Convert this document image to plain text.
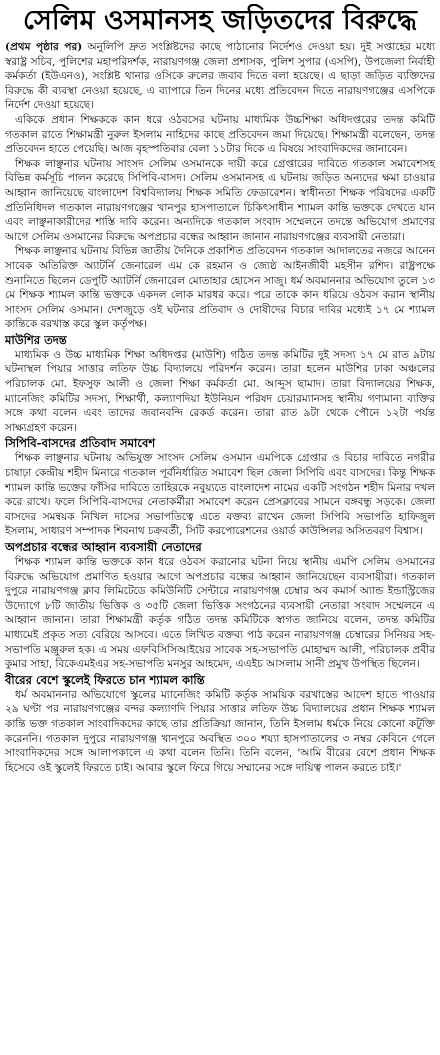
সেলিম ওসমানসহ জড়িতদের বিরুদ্ধে

(প্রথম পৃষ্ঠার পর) অনুলিপি দ্রুত সংশ্লিষ্টদের কাছে পাঠানোর নির্দেশও দেওয়া হয়। দুই সপ্তাহের মধ্যে স্বরাষ্ট্র সচিব, পুলিশের মহাপরিদর্শক, নারায়ণগঞ্জ জেলা প্রশাসক, পুলিশ সুপার (এসপি), উপজেলা নির্বাহী কর্মকর্তা (ইউএনও), সংশ্লিষ্ট থানার ওসিকে রুলের জবাব দিতে বলা হয়েছে। এ ছাড়া জড়িত ব্যক্তিদের বিরুদ্ধে কী ব্যবস্থা নেওয়া হয়েছে, এ ব্যাপারে তিন দিনের মধ্যে প্রতিবেদন দিতে নারায়ণগঞ্জের এসপিকে নির্দেশ দেওয়া হয়েছে।

একিকে প্রধান শিক্ষককে কান ধরে ওঠবসের ঘটনায় মাধ্যমিক উচ্চশিক্ষা অধিদপ্তরের তদন্ত কমিটি গতকাল রাতে শিক্ষামন্ত্রী নুরুল ইসলাম নাহিদের কাছে প্রতিবেদন জমা দিয়েছে। শিক্ষামন্ত্রী বলেছেন, তদন্ত প্রতিবেদন হাতে পেয়েছি। আজ বৃহস্পতিবার বেলা ১১টার দিকে এ বিষয়ে সাংবাদিকদের জানাবেন।

শিক্ষক লাঞ্ছনার ঘটনায় সাংসদ সেলিম ওসমানকে দায়ী করে গ্রেপ্তারের দাবিতে গতকাল সমাবেশসহ বিভিন্ন কর্মসূচি পালন করেছে সিপিবি-বাসদ। সেলিম ওসমানসহ এ ঘটনায় জড়িত অন্যদের ক্ষমা চাওয়ার আহ্বান জানিয়েছে বাংলাদেশ বিশ্ববিদ্যালয় শিক্ষক সমিতি ফেডারেশন। স্বাধীনতা শিক্ষক পরিষদের একটি প্রতিনিধিদল গতকাল নারায়ণগঞ্জের খানপুর হাসপাতালে চিকিৎসাধীন শ্যামল কান্তি ভক্তকে দেখতে যান এবং লাঞ্ছনাকারীদের শাস্তি দাবি করেন। অন্যদিকে গতকাল সংবাদ সম্মেলনে তদন্তে অভিযোগ প্রমাণের আগে সেলিম ওসমানের বিরুদ্ধে অপপ্রচার বন্ধের আহ্বান জানান নারায়ণগঞ্জের ব্যবসায়ী নেতারা।

শিক্ষক লাঞ্ছনার ঘটনায় বিভিন্ন জাতীয় দৈনিকে প্রকাশিত প্রতিবেদন গতকাল আদালতের নজরে আনেন সাবেক অতিরিক্ত অ্যাটর্নি জেনারেল এম কে রহমান ও জ্যেষ্ঠ আইনজীবী মহসীন রশিদ। রাষ্ট্রপক্ষে শুনানিতে ছিলেন ডেপুটি অ্যাটর্নি জেনারেল মোতাহার হোসেন সাজু। ধর্ম অবমাননার অভিযোগ তুলে ১৩ মে শিক্ষক শ্যামল কান্তি ভক্তকে একদল লোক মারধর করে। পরে তাকে কান ধরিয়ে ওঠবস করান স্থানীয় সাংসদ সেলিম ওসমান। দেশজুড়ে ওই ঘটনার প্রতিবাদ ও দোষীদের বিচার দাবির মধ্যেই ১৭ মে শ্যামল কান্তিকে বরখাস্ত করে স্কুল কর্তৃপক্ষ।

মাউশির তদন্ত

মাধ্যমিক ও উচ্চ মাধ্যমিক শিক্ষা অধিদপ্তর (মাউশি) গঠিত তদন্ত কমিটির দুই সদস্য ১৭ মে রাত ৯টায় ঘটনাস্থল পিয়ার সাত্তার লতিফ উচ্চ বিদ্যালয়ে পরিদর্শন করেন। তারা হলেন মাউশির ঢাকা অঞ্চলের পরিচালক মো. ইফসুফ আলী ও জেলা শিক্ষা কর্মকর্তা মো. আব্দুস ছামাদ। তারা বিদ্যালয়ের শিক্ষক, ম্যানেজিং কমিটির সদস্য, শিক্ষার্থী, কল্যাণদিয়া ইউনিয়ন পরিষদ চেয়ারম্যানসহ স্থানীয় গণ্যমান্য ব্যক্তির সঙ্গে কথা বলেন এবং তাদের জবানবন্দি রেকর্ড করেন। তারা রাত ৯টা থেকে পৌনে ১২টা পর্যন্ত সাক্ষ্যগ্রহণ করেন।

সিপিবি-বাসদের প্রতিবাদ সমাবেশ

শিক্ষক লাঞ্ছনার ঘটনায় অভিযুক্ত সাংসদ সেলিম ওসমান এমপিকে গ্রেপ্তার ও বিচার দাবিতে নগরীর চাষাঢ়া কেন্দ্রীয় শহীদ মিনারে গতকাল পূর্বনির্ধারিত সমাবেশ ছিল জেলা সিপিবি এবং বাসদের। কিন্তু শিক্ষক শ্যামল কান্তি ভক্তের ফাঁসির দাবিতে তাহিরকে নবুয়্যতে বাংলাদেশ নামের একটি সংগঠন শহীদ মিনার দখল করে রাখে। ফলে সিপিবি-বাসদের নেতাকর্মীরা সমাবেশ করেন প্রেসক্লাবের সামনে বঙ্গবন্ধু সড়কে। জেলা বাসদের সমন্বয়ক নিখিল দাসের সভাপতিত্বে এতে বক্তব্য রাখেন জেলা সিপিবি সভাপতি হাফিজুল ইসলাম, সাধারণ সম্পাদক শিবনাথ চক্রবর্তী, সিটি করপোরেশনের ওয়ার্ড কাউন্সিলর অসিতবরণ বিশ্বাস।

অপপ্রচার বন্ধের আহ্বান ব্যবসায়ী নেতাদের

শিক্ষক শ্যামল কান্তি ভক্তকে কান ধরে ওঠবস করানোর ঘটনা নিয়ে স্থানীয় এমপি সেলিম ওসমানের বিরুদ্ধে অভিযোগ প্রমাণিত হওয়ার আগে অপপ্রচার বন্ধের আহ্বান জানিয়েছেন ব্যবসায়ীরা। গতকাল দুপুরে নারায়ণগঞ্জ ক্লাব লিমিটেডে কমিউনিটি সেন্টারে নারায়ণগঞ্জ চেম্বার অব কমার্স অ্যান্ড ইন্ডাস্ট্রিজের উদ্যোগে ৮টি জাতীয় ভিত্তিক ও ৩৫টি জেলা ভিত্তিক সংগঠনের ব্যবসায়ী নেতারা সংবাদ সম্মেলনে এ আহ্বান জানান। তারা শিক্ষামন্ত্রী কর্তৃক গঠিত তদন্ত কমিটিকে স্বাগত জানিয়ে বলেন, তদন্ত কমিটির মাধ্যমেই প্রকৃত সত্য বেরিয়ে আসবে। এতে লিখিত বক্তব্য পাঠ করেন নারায়ণগঞ্জ চেম্বারের সিনিয়র সহ-সভাপতি মঞ্জুরুল হক। এ সময় এফবিসিসিআইয়ের সাবেক সহ-সভাপতি মোহাম্মদ আলী, পরিচালক প্রবীর কুমার সাহা, বিকেএমইএর সহ-সভাপতি মনসুর আহমেদ, এএইচ আসলাম সানী প্রমুখ উপস্থিত ছিলেন।

বীরের বেশে স্কুলেই ফিরতে চান শ্যামল কান্তি

ধর্ম অবমাননার অভিযোগে স্কুলের ম্যানেজিং কমিটি কর্তৃক সাময়িক বরখাস্তের আদেশ হাতে পাওয়ার ২৯ ঘণ্টা পর নারায়ণগঞ্জের বন্দর কল্যাণদি পিয়ার সাত্তার লতিফ উচ্চ বিদ্যালয়ের প্রধান শিক্ষক শ্যামল কান্তি ভক্ত গতকাল সাংবাদিকদের কাছে তার প্রতিক্রিয়া জানান, তিনি ইসলাম ধর্মকে নিয়ে কোনো কটূক্তি করেননি। গতকাল দুপুরে নারায়ণগঞ্জ খানপুরে অবস্থিত ৩০০ শয্যা হাসপাতালের ৩ নম্বর কেবিনে গেলে সাংবাদিকদের সঙ্গে আলাপকালে এ কথা বলেন তিনি। তিনি বলেন, 'আমি বীরের বেশে প্রধান শিক্ষক হিসেবে ওই স্কুলেই ফিরতে চাই। আবার স্কুলে ফিরে গিয়ে সম্মানের সঙ্গে দায়িত্ব পালন করতে চাই।'
